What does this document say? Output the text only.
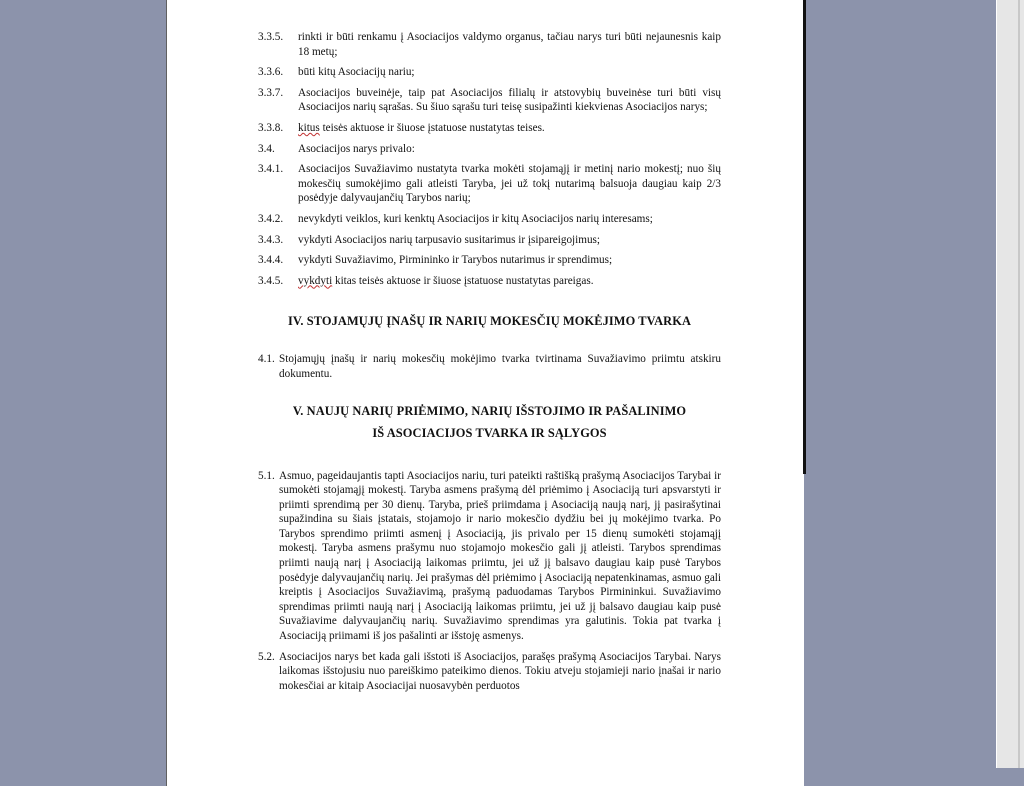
3.3.5. rinkti ir būti renkamu į Asociacijos valdymo organus, tačiau narys turi būti nejaunesnis kaip 18 metų;
3.3.6. būti kitų Asociacijų nariu;
3.3.7. Asociacijos buveinėje, taip pat Asociacijos filialų ir atstovybių buveinėse turi būti visų Asociacijos narių sąrašas. Su šiuo sąrašu turi teisę susipažinti kiekvienas Asociacijos narys;
3.3.8. kitus teisės aktuose ir šiuose įstatuose nustatytas teises.
3.4. Asociacijos narys privalo:
3.4.1. Asociacijos Suvažiavimo nustatyta tvarka mokėti stojamąjį ir metinį nario mokestį; nuo šių mokesčių sumokėjimo gali atleisti Taryba, jei už tokį nutarimą balsuoja daugiau kaip 2/3 posėdyje dalyvaujančių Tarybos narių;
3.4.2. nevykdyti veiklos, kuri kenktų Asociacijos ir kitų Asociacijos narių interesams;
3.4.3. vykdyti Asociacijos narių tarpusavio susitarimus ir įsipareigojimus;
3.4.4. vykdyti Suvažiavimo, Pirmininko ir Tarybos nutarimus ir sprendimus;
3.4.5. vykdyti kitas teisės aktuose ir šiuose įstatuose nustatytas pareigas.
IV. STOJAMŲJŲ ĮNAŠŲ IR NARIŲ MOKESČIŲ MOKĖJIMO TVARKA
4.1. Stojamųjų įnašų ir narių mokesčių mokėjimo tvarka tvirtinama Suvažiavimo priimtu atskiru dokumentu.
V. NAUJŲ NARIŲ PRIĖMIMO, NARIŲ IŠSTOJIMO IR PAŠALINIMO
IŠ ASOCIACIJOS TVARKA IR SĄLYGOS
5.1. Asmuo, pageidaujantis tapti Asociacijos nariu, turi pateikti raštišką prašymą Asociacijos Tarybai ir sumokėti stojamąjį mokestį. Taryba asmens prašymą dėl priėmimo į Asociaciją turi apsvarstyti ir priimti sprendimą per 30 dienų. Taryba, prieš priimdama į Asociaciją naują narį, jį pasirašytinai supažindina su šiais įstatais, stojamojo ir nario mokesčio dydžiu bei jų mokėjimo tvarka. Po Tarybos sprendimo priimti asmenį į Asociaciją, jis privalo per 15 dienų sumokėti stojamąjį mokestį. Taryba asmens prašymu nuo stojamojo mokesčio gali jį atleisti. Tarybos sprendimas priimti naują narį į Asociaciją laikomas priimtu, jei už jį balsavo daugiau kaip pusė Tarybos posėdyje dalyvaujančių narių. Jei prašymas dėl priėmimo į Asociaciją nepatenkinamas, asmuo gali kreiptis į Asociacijos Suvažiavimą, prašymą paduodamas Tarybos Pirmininkui. Suvažiavimo sprendimas priimti naują narį į Asociaciją laikomas priimtu, jei už jį balsavo daugiau kaip pusė Suvažiavime dalyvaujančių narių. Suvažiavimo sprendimas yra galutinis. Tokia pat tvarka į Asociaciją priimami iš jos pašalinti ar išstoję asmenys.
5.2. Asociacijos narys bet kada gali išstoti iš Asociacijos, parašęs prašymą Asociacijos Tarybai. Narys laikomas išstojusiu nuo pareiškimo pateikimo dienos. Tokiu atveju stojamieji nario įnašai ir nario mokesčiai ar kitaip Asociacijai nuosavybėn perduotos
